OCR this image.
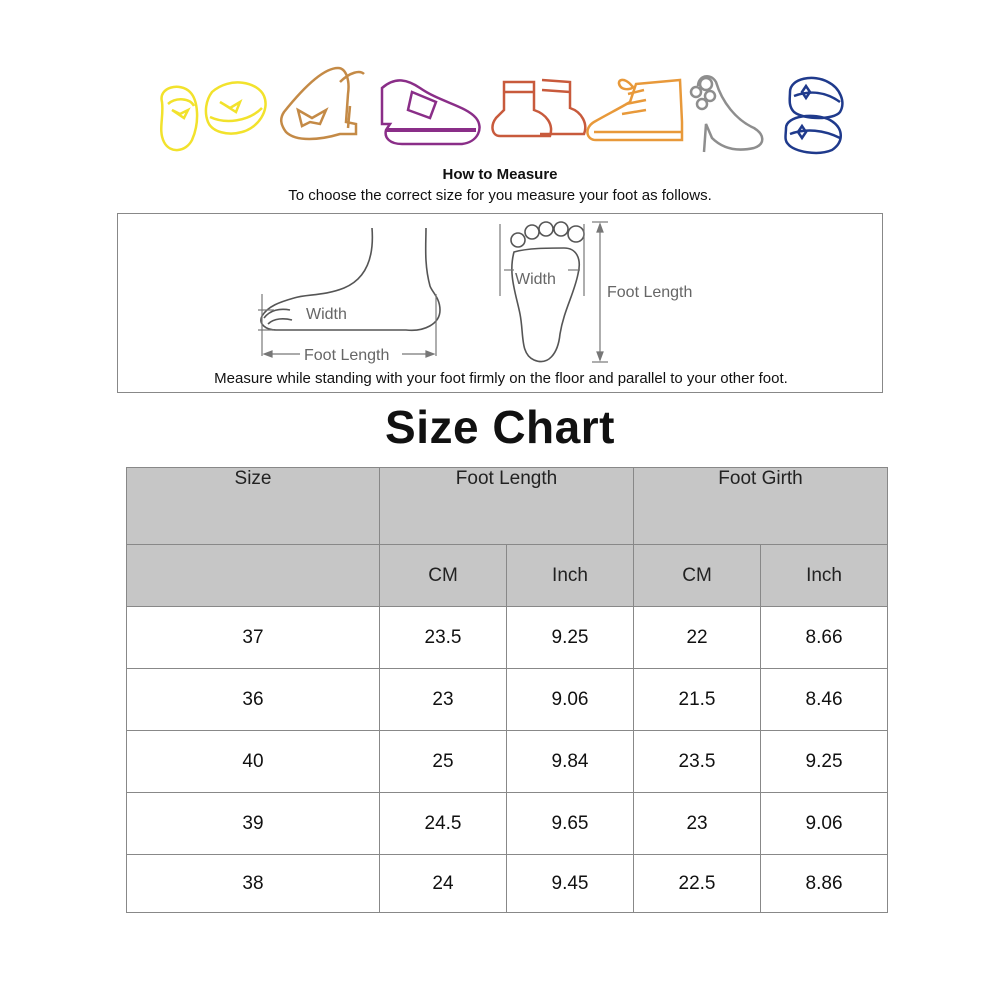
How to Measure
To choose the correct size for you measure your foot as follows.
Width
Foot Length
Width
Foot Length
Measure while standing with your foot firmly on the floor and parallel to your other foot.
Size Chart
Size	Foot Length		Foot Girth	
	CM	Inch	CM	Inch
37	23.5	9.25	22	8.66
36	23	9.06	21.5	8.46
40	25	9.84	23.5	9.25
39	24.5	9.65	23	9.06
38	24	9.45	22.5	8.86
